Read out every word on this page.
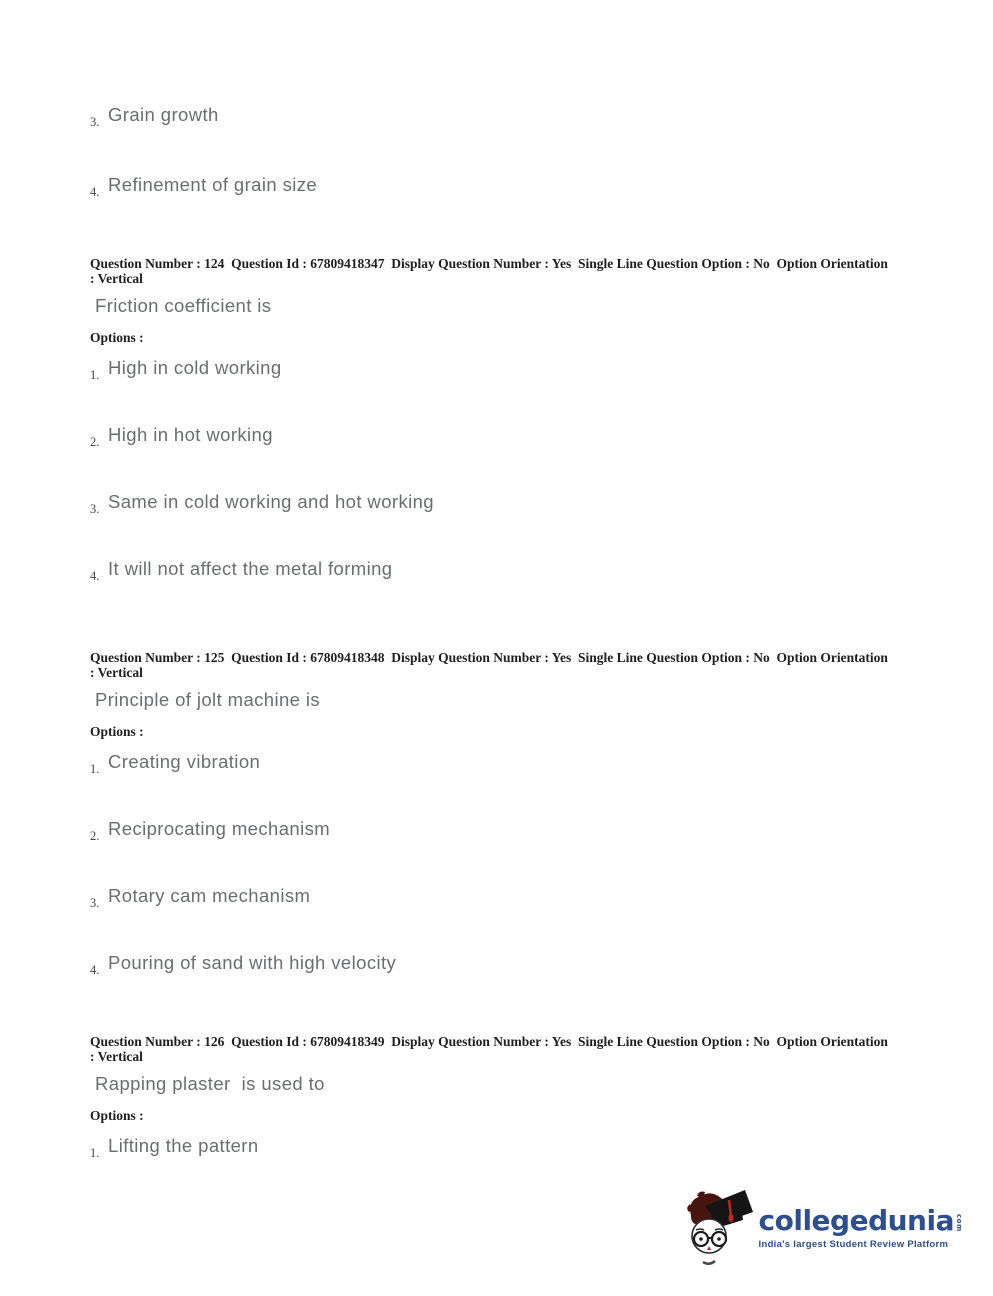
3. Grain growth
4. Refinement of grain size

Question Number : 124  Question Id : 67809418347  Display Question Number : Yes  Single Line Question Option : No  Option Orientation : Vertical

Friction coefficient is

Options :

1. High in cold working
2. High in hot working
3. Same in cold working and hot working
4. It will not affect the metal forming

Question Number : 125  Question Id : 67809418348  Display Question Number : Yes  Single Line Question Option : No  Option Orientation : Vertical

Principle of jolt machine is

Options :

1. Creating vibration
2. Reciprocating mechanism
3. Rotary cam mechanism
4. Pouring of sand with high velocity

Question Number : 126  Question Id : 67809418349  Display Question Number : Yes  Single Line Question Option : No  Option Orientation : Vertical

Rapping plaster  is used to

Options :

1. Lifting the pattern
collegedunia com
India's largest Student Review Platform
